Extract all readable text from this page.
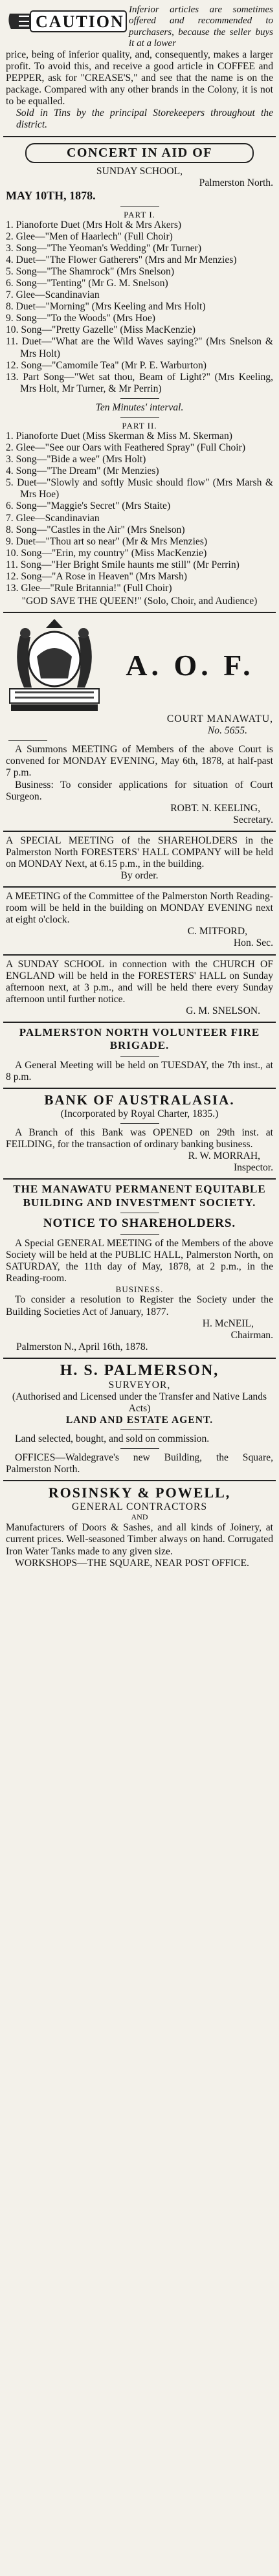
CAUTION

Inferior articles are sometimes offered and recommended to purchasers, because the seller buys it at a lower

price, being of inferior quality, and, consequently, makes a larger profit. To avoid this, and receive a good article in COFFEE and PEPPER, ask for "CREASE'S," and see that the name is on the package. Compared with any other brands in the Colony, it is not to be equalled.

Sold in Tins by the principal Storekeepers throughout the district.

CONCERT IN AID OF

SUNDAY SCHOOL,

Palmerston North.

MAY 10TH, 1878.

PART I.

1. Pianoforte Duet (Mrs Holt & Mrs Akers)

2. Glee—"Men of Haarlech" (Full Choir)

3. Song—"The Yeoman's Wedding" (Mr Turner)

4. Duet—"The Flower Gatherers" (Mrs and Mr Menzies)

5. Song—"The Shamrock" (Mrs Snelson)

6. Song—"Tenting" (Mr G. M. Snelson)

7. Glee—Scandinavian

8. Duet—"Morning" (Mrs Keeling and Mrs Holt)

9. Song—"To the Woods" (Mrs Hoe)

10. Song—"Pretty Gazelle" (Miss MacKenzie)

11. Duet—"What are the Wild Waves saying?" (Mrs Snelson & Mrs Holt)

12. Song—"Camomile Tea" (Mr P. E. Warburton)

13. Part Song—"Wet sat thou, Beam of Light?" (Mrs Keeling, Mrs Holt, Mr Turner, & Mr Perrin)

Ten Minutes' interval.

PART II.

1. Pianoforte Duet (Miss Skerman & Miss M. Skerman)

2. Glee—"See our Oars with Feathered Spray" (Full Choir)

3. Song—"Bide a wee" (Mrs Holt)

4. Song—"The Dream" (Mr Menzies)

5. Duet—"Slowly and softly Music should flow" (Mrs Marsh & Mrs Hoe)

6. Song—"Maggie's Secret" (Mrs Staite)

7. Glee—Scandinavian

8. Song—"Castles in the Air" (Mrs Snelson)

9. Duet—"Thou art so near" (Mr & Mrs Menzies)

10. Song—"Erin, my country" (Miss MacKenzie)

11. Song—"Her Bright Smile haunts me still" (Mr Perrin)

12. Song—"A Rose in Heaven" (Mrs Marsh)

13. Glee—"Rule Britannia!" (Full Choir)

"GOD SAVE THE QUEEN!" (Solo, Choir, and Audience)

A. O. F.

COURT MANAWATU,

No. 5655.

A Summons MEETING of Members of the above Court is convened for MONDAY EVENING, May 6th, 1878, at half-past 7 p.m.

Business: To consider applications for situation of Court Surgeon.

ROBT. N. KEELING,

Secretary.

A SPECIAL MEETING of the SHAREHOLDERS in the Palmerston North FORESTERS' HALL COMPANY will be held on MONDAY Next, at 6.15 p.m., in the building.

By order.

A MEETING of the Committee of the Palmerston North Reading-room will be held in the building on MONDAY EVENING next at eight o'clock.

C. MITFORD,

Hon. Sec.

A SUNDAY SCHOOL in connection with the CHURCH OF ENGLAND will be held in the FORESTERS' HALL on Sunday afternoon next, at 3 p.m., and will be held there every Sunday afternoon until further notice.

G. M. SNELSON.

PALMERSTON NORTH VOLUNTEER FIRE BRIGADE.

A General Meeting will be held on TUESDAY, the 7th inst., at 8 p.m.

BANK OF AUSTRALASIA.

(Incorporated by Royal Charter, 1835.)

A Branch of this Bank was OPENED on 29th inst. at FEILDING, for the transaction of ordinary banking business.

R. W. MORRAH,

Inspector.

THE MANAWATU PERMANENT EQUITABLE BUILDING AND INVESTMENT SOCIETY.

NOTICE TO SHAREHOLDERS.

A Special GENERAL MEETING of the Members of the above Society will be held at the PUBLIC HALL, Palmerston North, on SATURDAY, the 11th day of May, 1878, at 2 p.m., in the Reading-room.

BUSINESS.

To consider a resolution to Register the Society under the Building Societies Act of January, 1877.

H. McNEIL,

Chairman.

Palmerston N., April 16th, 1878.

H. S. PALMERSON,

SURVEYOR,

(Authorised and Licensed under the Transfer and Native Lands Acts)

LAND AND ESTATE AGENT.

Land selected, bought, and sold on commission.

OFFICES—Waldegrave's new Building, the Square, Palmerston North.

ROSINSKY & POWELL,

GENERAL CONTRACTORS

AND

Manufacturers of Doors & Sashes, and all kinds of Joinery, at current prices. Well-seasoned Timber always on hand. Corrugated Iron Water Tanks made to any given size.

WORKSHOPS—THE SQUARE, NEAR POST OFFICE.
